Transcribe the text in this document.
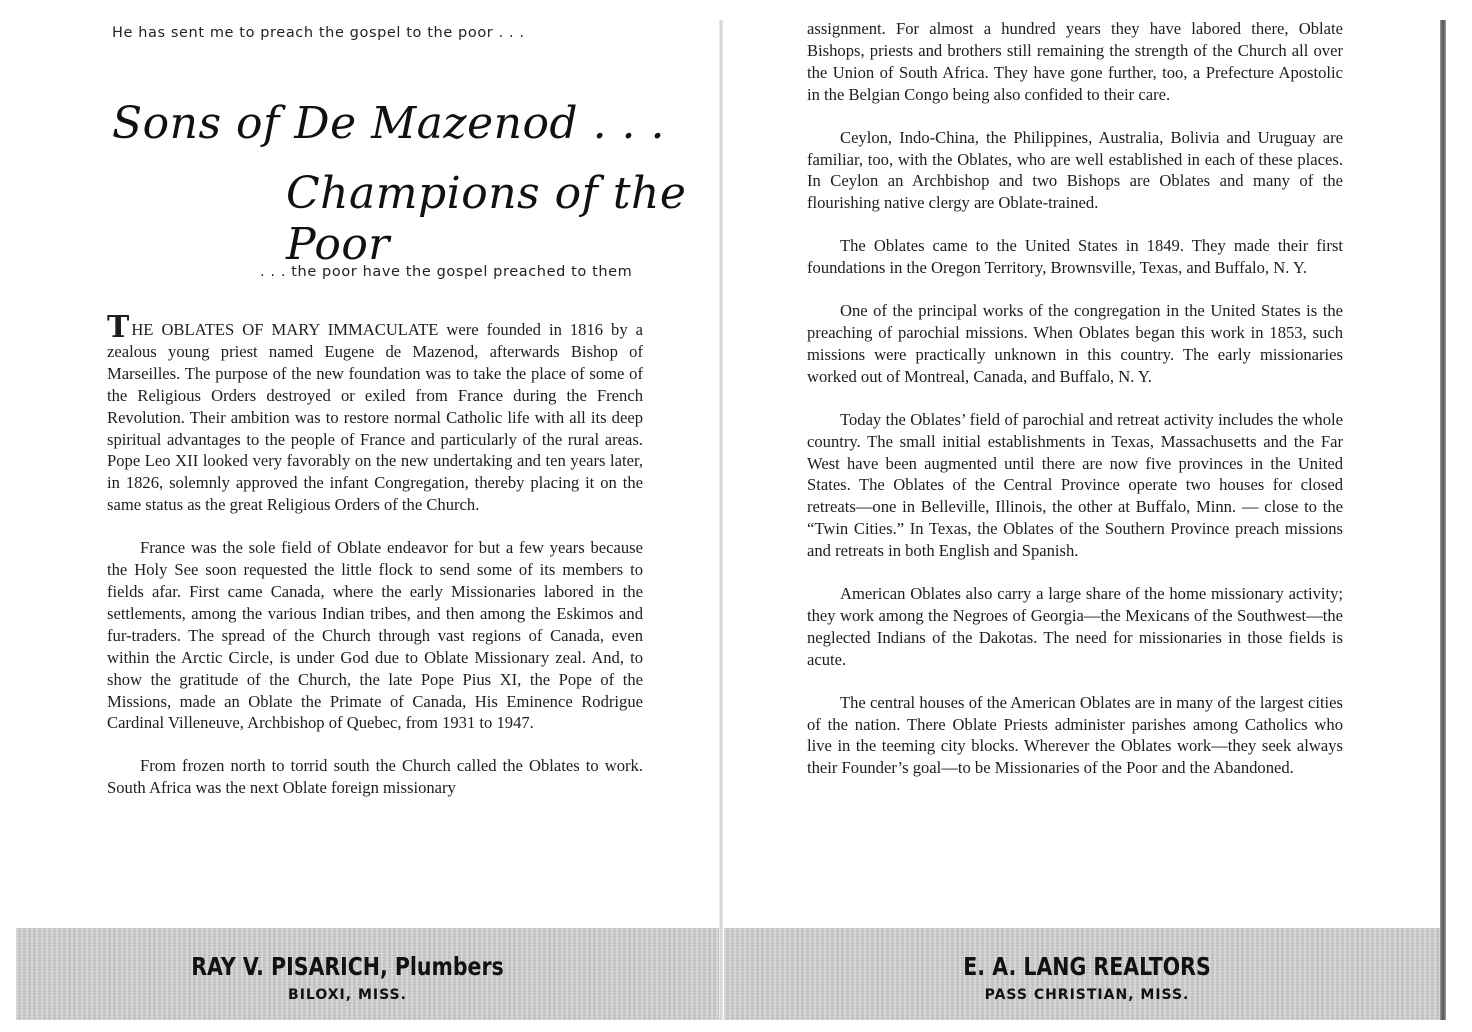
He has sent me to preach the gospel to the poor . . .
Sons of De Mazenod . . .
Champions of the Poor
. . . the poor have the gospel preached to them

THE OBLATES OF MARY IMMACULATE were founded in 1816 by a zealous young priest named Eugene de Mazenod, afterwards Bishop of Marseilles. The purpose of the new foundation was to take the place of some of the Religious Orders destroyed or exiled from France during the French Revolution. Their ambition was to restore normal Catholic life with all its deep spiritual advantages to the people of France and particularly of the rural areas. Pope Leo XII looked very favorably on the new undertaking and ten years later, in 1826, solemnly approved the infant Congregation, thereby placing it on the same status as the great Religious Orders of the Church.

France was the sole field of Oblate endeavor for but a few years because the Holy See soon requested the little flock to send some of its members to fields afar. First came Canada, where the early Missionaries labored in the settlements, among the various Indian tribes, and then among the Eskimos and fur-traders. The spread of the Church through vast regions of Canada, even within the Arctic Circle, is under God due to Oblate Missionary zeal. And, to show the gratitude of the Church, the late Pope Pius XI, the Pope of the Missions, made an Oblate the Primate of Canada, His Eminence Rodrigue Cardinal Villeneuve, Archbishop of Quebec, from 1931 to 1947.

From frozen north to torrid south the Church called the Oblates to work. South Africa was the next Oblate foreign missionary

RAY V. PISARICH, Plumbers
BILOXI, MISS.

assignment. For almost a hundred years they have labored there, Oblate Bishops, priests and brothers still remaining the strength of the Church all over the Union of South Africa. They have gone further, too, a Prefecture Apostolic in the Belgian Congo being also confided to their care.

Ceylon, Indo-China, the Philippines, Australia, Bolivia and Uruguay are familiar, too, with the Oblates, who are well established in each of these places. In Ceylon an Archbishop and two Bishops are Oblates and many of the flourishing native clergy are Oblate-trained.

The Oblates came to the United States in 1849. They made their first foundations in the Oregon Territory, Brownsville, Texas, and Buffalo, N. Y.

One of the principal works of the congregation in the United States is the preaching of parochial missions. When Oblates began this work in 1853, such missions were practically unknown in this country. The early missionaries worked out of Montreal, Canada, and Buffalo, N. Y.

Today the Oblates’ field of parochial and retreat activity includes the whole country. The small initial establishments in Texas, Massachusetts and the Far West have been augmented until there are now five provinces in the United States. The Oblates of the Central Province operate two houses for closed retreats—one in Belleville, Illinois, the other at Buffalo, Minn. — close to the “Twin Cities.” In Texas, the Oblates of the Southern Province preach missions and retreats in both English and Spanish.

American Oblates also carry a large share of the home missionary activity; they work among the Negroes of Georgia—the Mexicans of the Southwest—the neglected Indians of the Dakotas. The need for missionaries in those fields is acute.

The central houses of the American Oblates are in many of the largest cities of the nation. There Oblate Priests administer parishes among Catholics who live in the teeming city blocks. Wherever the Oblates work—they seek always their Founder’s goal—to be Missionaries of the Poor and the Abandoned.

E. A. LANG REALTORS
PASS CHRISTIAN, MISS.
